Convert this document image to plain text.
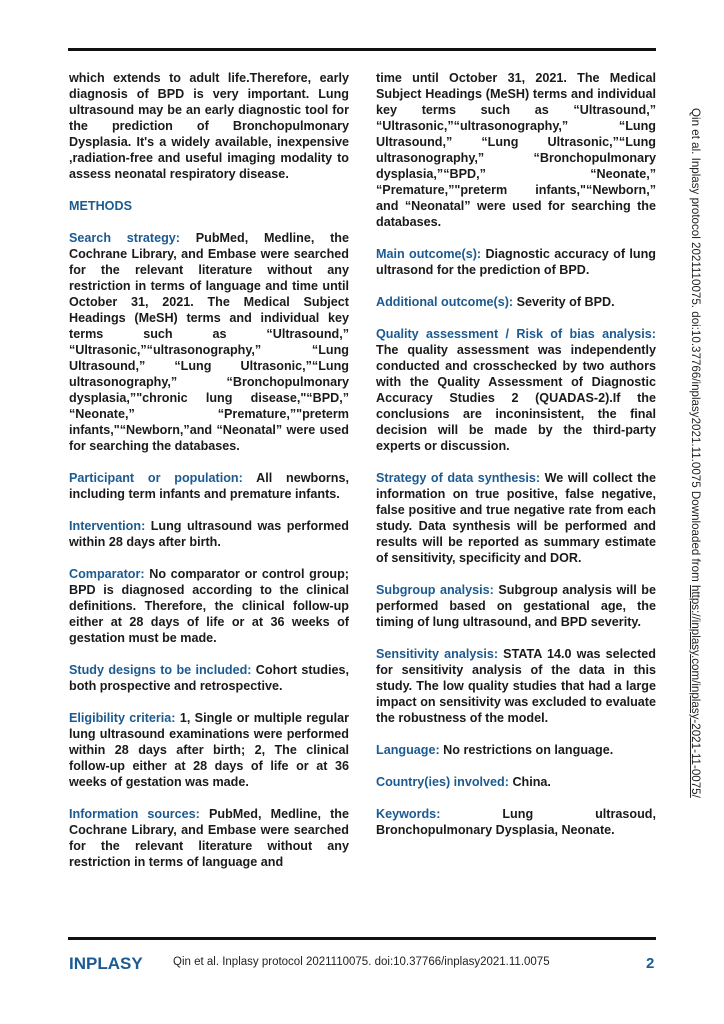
which extends to adult life.Therefore, early diagnosis of BPD is very important. Lung ultrasound may be an early diagnostic tool for the prediction of Bronchopulmonary Dysplasia. It's a widely available, inexpensive ,radiation-free and useful imaging modality to assess neonatal respiratory disease.

METHODS

Search strategy: PubMed, Medline, the Cochrane Library, and Embase were searched for the relevant literature without any restriction in terms of language and time until October 31, 2021. The Medical Subject Headings (MeSH) terms and individual key terms such as “Ultrasound,” “Ultrasonic,”“ultrasonography,” “Lung Ultrasound,” “Lung Ultrasonic,”“Lung ultrasonography,” “Bronchopulmonary dysplasia,”"chronic lung disease,"“BPD,” “Neonate,” “Premature,”"preterm infants,"“Newborn,”and “Neonatal” were used for searching the databases.

Participant or population: All newborns, including term infants and premature infants.

Intervention: Lung ultrasound was performed within 28 days after birth.

Comparator: No comparator or control group; BPD is diagnosed according to the clinical definitions. Therefore, the clinical follow-up either at 28 days of life or at 36 weeks of gestation must be made.

Study designs to be included: Cohort studies, both prospective and retrospective.

Eligibility criteria: 1, Single or multiple regular lung ultrasound examinations were performed within 28 days after birth; 2, The clinical follow-up either at 28 days of life or at 36 weeks of gestation was made.

Information sources: PubMed, Medline, the Cochrane Library, and Embase were searched for the relevant literature without any restriction in terms of language and

time until October 31, 2021. The Medical Subject Headings (MeSH) terms and individual key terms such as “Ultrasound,” “Ultrasonic,”“ultrasonography,” “Lung Ultrasound,” “Lung Ultrasonic,”“Lung ultrasonography,” “Bronchopulmonary dysplasia,”“BPD,” “Neonate,” “Premature,”"preterm infants,"“Newborn,” and “Neonatal” were used for searching the databases.

Main outcome(s): Diagnostic accuracy of lung ultrasond for the prediction of BPD.

Additional outcome(s): Severity of BPD.

Quality assessment / Risk of bias analysis: The quality assessment was independently conducted and crosschecked by two authors with the Quality Assessment of Diagnostic Accuracy Studies 2 (QUADAS-2).If the conclusions are inconinsistent, the final decision will be made by the third-party experts or discussion.

Strategy of data synthesis: We will collect the information on true positive, false negative, false positive and true negative rate from each study. Data synthesis will be performed and results will be reported as summary estimate of sensitivity, specificity and DOR.

Subgroup analysis: Subgroup analysis will be performed based on gestational age, the timing of lung ultrasound, and BPD severity.

Sensitivity analysis: STATA 14.0 was selected for sensitivity analysis of the data in this study. The low quality studies that had a large impact on sensitivity was excluded to evaluate the robustness of the model.

Language: No restrictions on language.

Country(ies) involved: China.

Keywords: Lung ultrasoud, Bronchopulmonary Dysplasia, Neonate.

INPLASY	Qin et al. Inplasy protocol 2021110075. doi:10.37766/inplasy2021.11.0075	2
Qin et al. Inplasy protocol 2021110075. doi:10.37766/inplasy2021.11.0075 Downloaded from https://inplasy.com/inplasy-2021-11-0075/
